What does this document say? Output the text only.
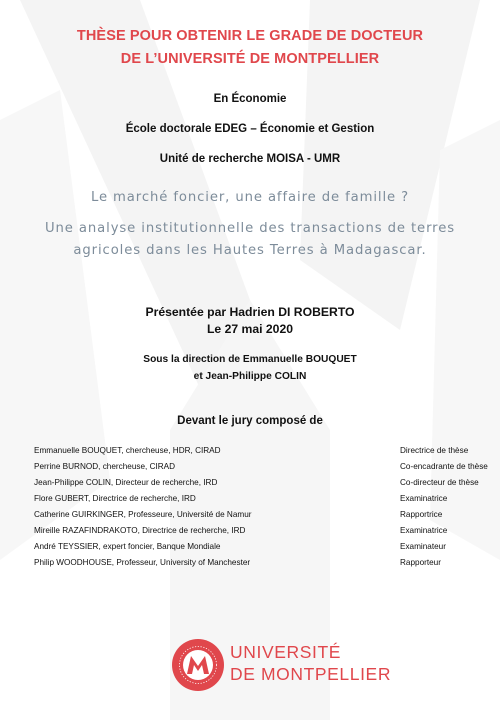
THÈSE POUR OBTENIR LE GRADE DE DOCTEUR
DE L’UNIVERSITÉ DE MONTPELLIER
En Économie
École doctorale EDEG – Économie et Gestion
Unité de recherche MOISA - UMR
Le marché foncier, une affaire de famille ?
Une analyse institutionnelle des transactions de terres
agricoles dans les Hautes Terres à Madagascar.
Présentée par Hadrien DI ROBERTO
Le 27 mai 2020
Sous la direction de Emmanuelle BOUQUET
et Jean-Philippe COLIN
Devant le jury composé de
Emmanuelle BOUQUET, chercheuse, HDR, CIRAD	Directrice de thèse
Perrine BURNOD, chercheuse, CIRAD	Co-encadrante de thèse
Jean-Philippe COLIN, Directeur de recherche, IRD	Co-directeur de thèse
Flore GUBERT, Directrice de recherche, IRD	Examinatrice
Catherine GUIRKINGER, Professeure, Université de Namur	Rapportrice
Mireille RAZAFINDRAKOTO, Directrice de recherche, IRD	Examinatrice
André TEYSSIER, expert foncier, Banque Mondiale	Examinateur
Philip WOODHOUSE, Professeur, University of Manchester	Rapporteur
UNIVERSITÉ
DE MONTPELLIER
